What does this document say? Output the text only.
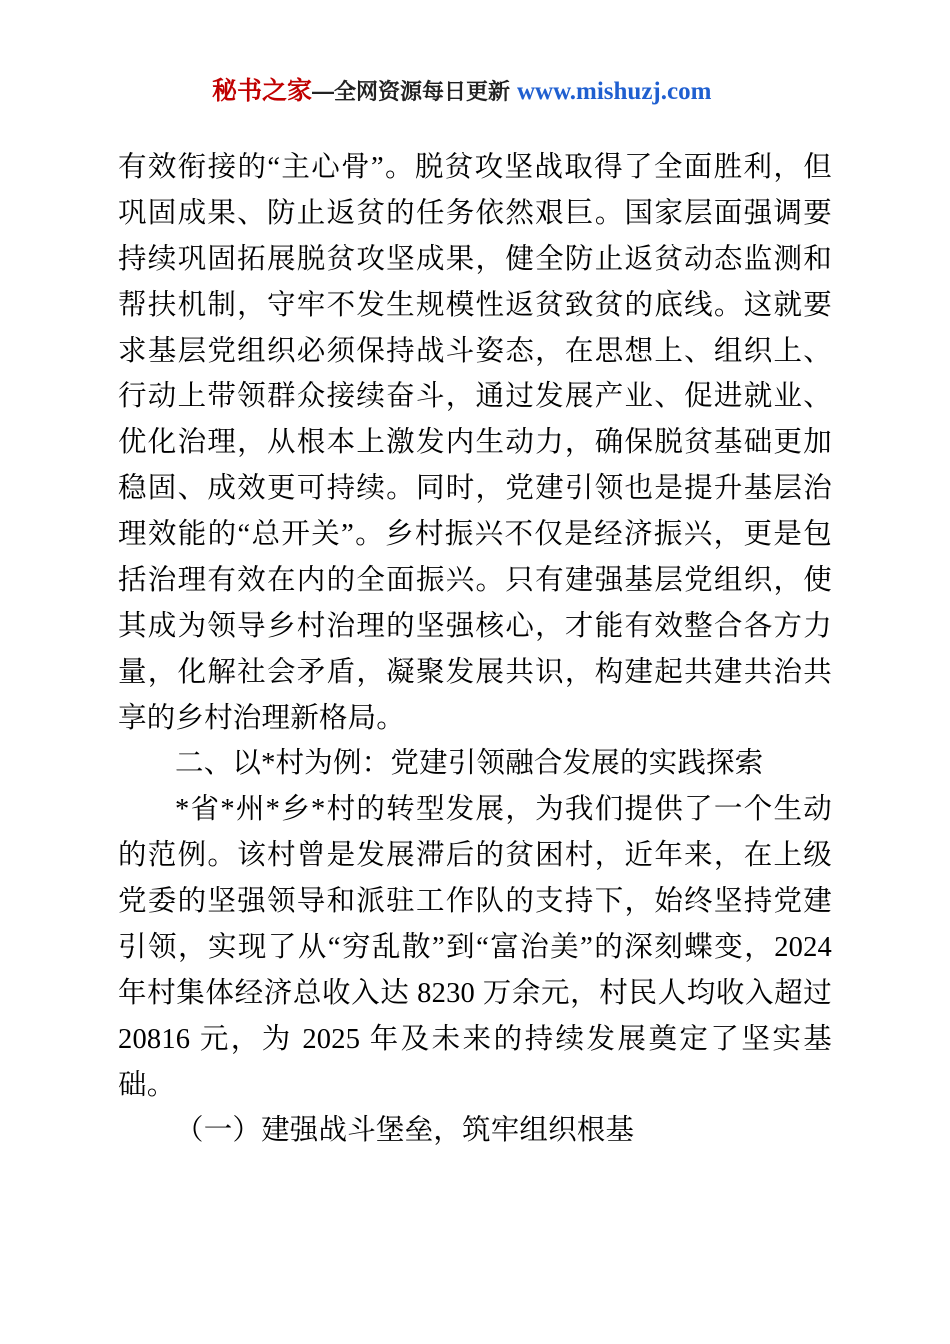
秘书之家—全网资源每日更新 www.mishuzj.com

有效衔接的“主心骨”。脱贫攻坚战取得了全面胜利，但巩固成果、防止返贫的任务依然艰巨。国家层面强调要持续巩固拓展脱贫攻坚成果，健全防止返贫动态监测和帮扶机制，守牢不发生规模性返贫致贫的底线。这就要求基层党组织必须保持战斗姿态，在思想上、组织上、行动上带领群众接续奋斗，通过发展产业、促进就业、优化治理，从根本上激发内生动力，确保脱贫基础更加稳固、成效更可持续。同时，党建引领也是提升基层治理效能的“总开关”。乡村振兴不仅是经济振兴，更是包括治理有效在内的全面振兴。只有建强基层党组织，使其成为领导乡村治理的坚强核心，才能有效整合各方力量，化解社会矛盾，凝聚发展共识，构建起共建共治共享的乡村治理新格局。

二、以*村为例：党建引领融合发展的实践探索

*省*州*乡*村的转型发展，为我们提供了一个生动的范例。该村曾是发展滞后的贫困村，近年来，在上级党委的坚强领导和派驻工作队的支持下，始终坚持党建引领，实现了从“穷乱散”到“富治美”的深刻蝶变，2024 年村集体经济总收入达 8230 万余元，村民人均收入超过 20816 元，为 2025 年及未来的持续发展奠定了坚实基础。

（一）建强战斗堡垒，筑牢组织根基
